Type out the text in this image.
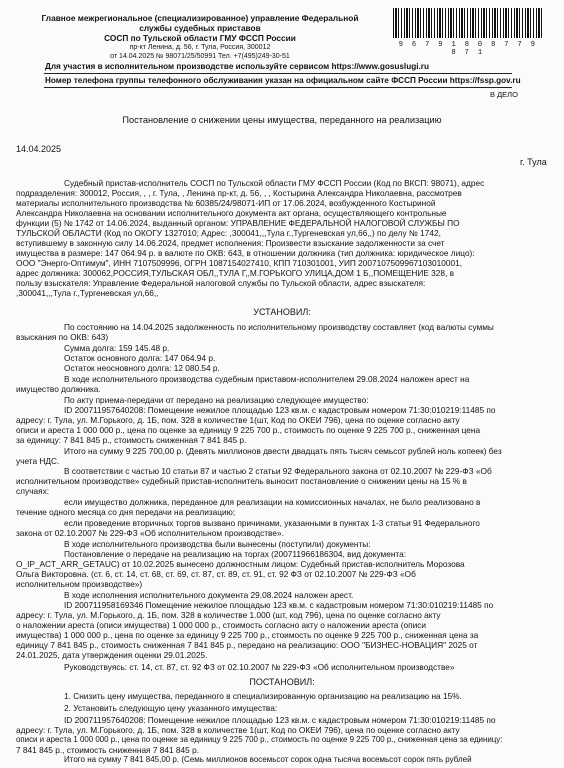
Главное межрегиональное (специализированное) управление Федеральной
службы судебных приставов
СОСП по Тульской области ГМУ ФССП России
пр-кт Ленина, д. 56, г. Тула, Россия, 300012
от 14.04.2025 № 98071/25/50991 Тел. +7(495)249-30-51
9 6 7 9 1 8 0 8 7 7 9 8 7 1
Для участия в исполнительном производстве используйте сервисом https://www.gosuslugi.ru
Номер телефона группы телефонного обслуживания указан на официальном сайте ФССП России https://fssp.gov.ru
В ДЕЛО
Постановление о снижении цены имущества, переданного на реализацию
14.04.2025
г. Тула
Судебный пристав-исполнитель СОСП по Тульской области ГМУ ФССП России (Код по ВКСП: 98071), адрес
подразделения: 300012, Россия, , , г. Тула, , Ленина пр-кт, д. 56, , , Костырина Александра Николаевна, рассмотрев
материалы исполнительного производства № 60385/24/98071-ИП от 17.06.2024, возбужденного Костыриной
Александра Николаевна на основании исполнительного документа акт органа, осуществляющего контрольные
функции (5) № 1742 от 14.06.2024, выданный органом: УПРАВЛЕНИЕ ФЕДЕРАЛЬНОЙ НАЛОГОВОЙ СЛУЖБЫ ПО
ТУЛЬСКОЙ ОБЛАСТИ (Код по ОКОГУ 1327010; Адрес: ,300041,,,Тула г.,Тургеневская ул,66,,) по делу № 1742,
вступившему в законную силу 14.06.2024, предмет исполнения: Произвести взыскание задолженности за счет
имущества в размере: 147 064.94 р. в валюте по ОКВ: 643, в отношении должника (тип должника: юридическое лицо):
ООО "Энерго-Оптимум", ИНН 7107509996, ОГРН 1087154027410, КПП 710301001, УИП 2007107509967103010001,
адрес должника: 300062,РОССИЯ,ТУЛЬСКАЯ ОБЛ,,ТУЛА Г,,М.ГОРЬКОГО УЛИЦА,ДОМ 1 Б,,ПОМЕЩЕНИЕ 328, в
пользу взыскателя: Управление Федеральной налоговой службы по Тульской области, адрес взыскателя:
,300041,,,Тула г.,Тургеневская ул,66,,
УСТАНОВИЛ:
По состоянию на 14.04.2025 задолженность по исполнительному производству составляет (код валюты суммы
взыскания по ОКВ: 643)
Сумма долга: 159 145.48 р.
Остаток основного долга: 147 064.94 р.
Остаток неосновного долга: 12 080.54 р.
В ходе исполнительного производства судебным приставом-исполнителем 29.08.2024 наложен арест на
имущество должника.
По акту приема-передачи от передано на реализацию следующее имущество:
ID 200711957640208: Помещение нежилое площадью 123 кв.м. с кадастровым номером 71:30:010219:11485 по
адресу: г. Тула, ул. М.Горького, д. 1Б, пом. 328 в количестве 1(шт, Код по ОКЕИ 796), цена по оценке согласно акту
описи и ареста 1 000 000 р., цена по оценке за единицу 9 225 700 р., стоимость по оценке 9 225 700 р., сниженная цена
за единицу: 7 841 845 р., стоимость сниженная 7 841 845 р.
Итого на сумму 9 225 700,00 р. (Девять миллионов двести двадцать пять тысяч семьсот рублей ноль копеек) без
учета НДС.
В соответствии с частью 10 статьи 87 и частью 2 статьи 92 Федерального закона от 02.10.2007 № 229-ФЗ «Об
исполнительном производстве» судебный пристав-исполнитель выносит постановление о снижении цены на 15 % в
случаях:
если имущество должника, переданное для реализации на комиссионных началах, не было реализовано в
течение одного месяца со дня передачи на реализацию;
если проведение вторичных торгов вызвано причинами, указанными в пунктах 1-3 статьи 91 Федерального
закона от 02.10.2007 № 229-ФЗ «Об исполнительном производстве».
В ходе исполнительного производства были вынесены (поступили) документы:
Постановление о передаче на реализацию на торгах (200711966186304, вид документа:
O_IP_ACT_ARR_GETAUC) от 10.02.2025 вынесено должностным лицом: Судебный пристав-исполнитель Морозова
Ольга Викторовна. (ст. 6, ст. 14, ст. 68, ст. 69, ст. 87, ст. 89, ст. 91, ст. 92 ФЗ от 02.10.2007 № 229-ФЗ «Об
исполнительном производстве»)
В ходе исполнения исполнительного документа 29.08.2024 наложен арест.
ID 200711958169346 Помещение нежилое площадью 123 кв.м. с кадастровым номером 71:30:010219:11485 по
адресу: г. Тула, ул. М.Горького, д. 1Б, пом. 328 в количестве 1.000 (шт, код 796), цена по оценке согласно акту
о наложении ареста (описи имущества) 1 000 000 р., стоимость согласно акту о наложении ареста (описи
имущества) 1 000 000 р., цена по оценке за единицу 9 225 700 р., стоимость по оценке 9 225 700 р., сниженная цена за
единицу 7 841 845 р., стоимость сниженная 7 841 845 р., передано на реализацию: ООО "БИЗНЕС-НОВАЦИЯ" 2025 от
24.01.2025, дата утверждения оценки 29.01.2025.
Руководствуясь: ст. 14, ст. 87, ст. 92 ФЗ от 02.10.2007 № 229-ФЗ «Об исполнительном производстве»
ПОСТАНОВИЛ:
1. Снизить цену имущества, переданного в специализированную организацию на реализацию на 15%.
2. Установить следующую цену указанного имущества:
ID 200711957640208: Помещение нежилое площадью 123 кв.м. с кадастровым номером 71:30:010219:11485 по
адресу: г. Тула, ул. М.Горького, д. 1Б, пом. 328 в количестве 1(шт, Код по ОКЕИ 796), цена по оценке согласно акту
описи и ареста 1 000 000 р., цена по оценке за единицу 9 225 700 р., стоимость по оценке 9 225 700 р., сниженная цена за единицу:
7 841 845 р., стоимость сниженная 7 841 845 р.
Итого на сумму 7 841 845,00 р. (Семь миллионов восемьсот сорок одна тысяча восемьсот сорок пять рублей
